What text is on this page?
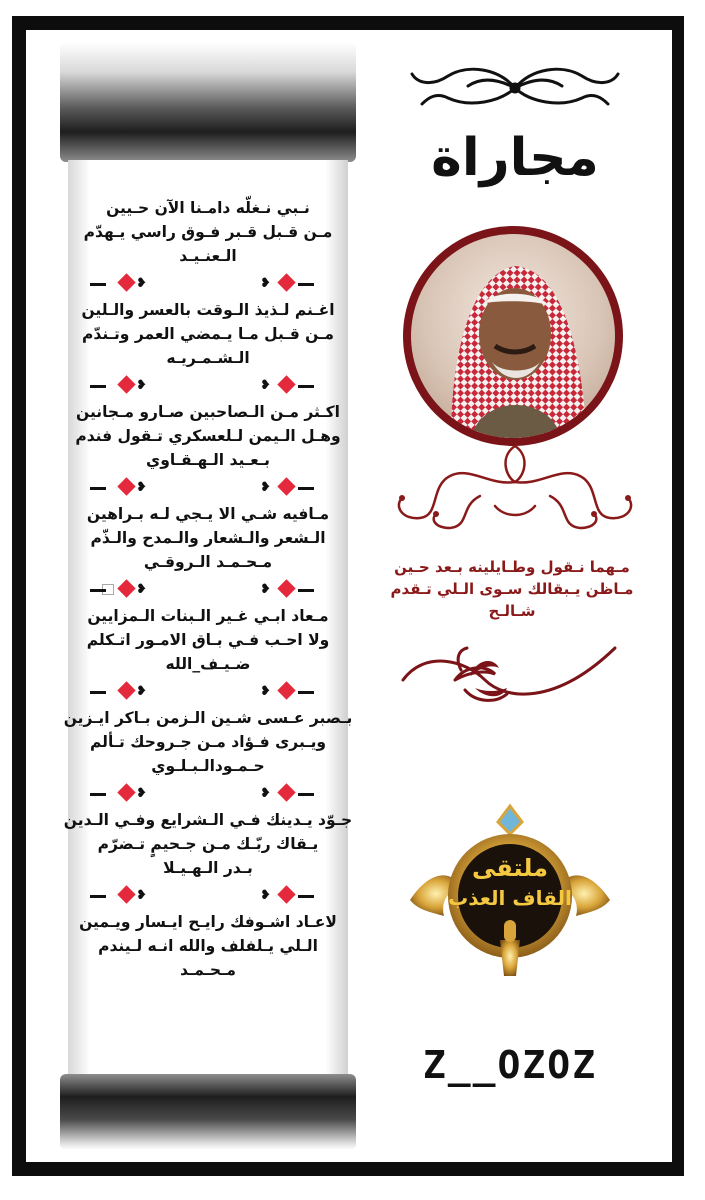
نـبي نـغلّه دامـنا الآن حـيين
مـن قـبل قـبر فـوق راسي يـهدّم
الـعنـيـد
❥	❥
اغـنم لـذيذ الـوقت بالعسر والـلين
مـن قـبل مـا يـمضي العمر وتـندّم
الـشـمـريـه
❥	❥
اكـثر مـن الـصاحبين صـارو مـجانين
وهـل الـيمن لـلعسكري تـقول فندم
بـعـيد الـهـقـاوي
❥	❥
مـافيه شـي الا يـجي لـه بـراهين
الـشعر والـشعار والـمدح والـذّم
مـحـمـد الـروقـي
❥	❥
⃞
مـعاد ابـي غـير الـبنات الـمزايين
ولا احـب فـي بـاق الامـور اتـكلم
ضـيـف_الله
❥	❥
بـصبر عـسى شـين الـزمن بـاكر ايـزين
ويـبرى فـؤاد مـن جـروحك تـألم
حـمـودالـبـلـوي
❥	❥
جـوّد يـدينك فـي الـشرايع وفـي الـدين
يـقاك ربّـك مـن جـحيمٍ تـضرّم
بـدر الـهـيـلا
❥	❥
لاعـاد اشـوفك رايـح ايـسار ويـمين
الـلي يـلفلف والله انـه لـيندم
مـحـمـد
مجاراة
مـهما نـقول وطـايلينه بـعد حـين
مـاظن يـبقالك سـوى الـلي تـقدم
شـالـح
ملتقى
القاف العذب
Z__OZOZ
